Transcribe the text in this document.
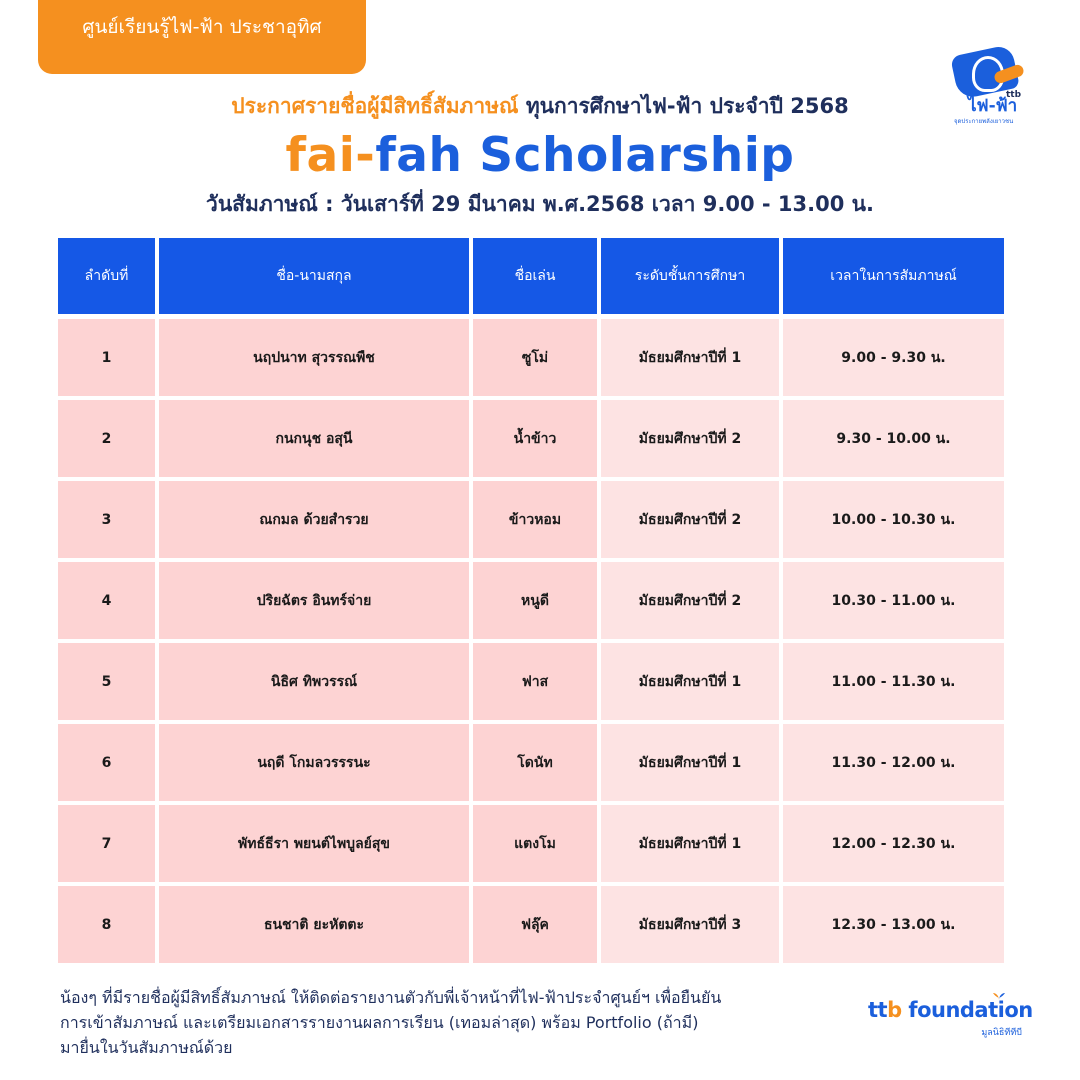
ศูนย์เรียนรู้ไฟ-ฟ้า ประชาอุทิศ
ไฟ-ฟ้า
ttb
จุดประกายพลังเยาวชน
ประกาศรายชื่อผู้มีสิทธิ์สัมภาษณ์ ทุนการศึกษาไฟ-ฟ้า ประจำปี 2568
fai-fah Scholarship
วันสัมภาษณ์ : วันเสาร์ที่ 29 มีนาคม พ.ศ.2568 เวลา 9.00 - 13.00 น.
ลำดับที่	ชื่อ-นามสกุล	ชื่อเล่น	ระดับชั้นการศึกษา	เวลาในการสัมภาษณ์
1	นฤปนาท สุวรรณพืช	ซูโม่	มัธยมศึกษาปีที่ 1	9.00 - 9.30 น.
2	กนกนุช อสุนี	น้ำข้าว	มัธยมศึกษาปีที่ 2	9.30 - 10.00 น.
3	ณกมล ด้วยสำรวย	ข้าวหอม	มัธยมศึกษาปีที่ 2	10.00 - 10.30 น.
4	ปริยฉัตร อินทร์จ่าย	หนูดี	มัธยมศึกษาปีที่ 2	10.30 - 11.00 น.
5	นิธิศ ทิพวรรณ์	ฟาส	มัธยมศึกษาปีที่ 1	11.00 - 11.30 น.
6	นฤดี โกมลวรรรนะ	โดนัท	มัธยมศึกษาปีที่ 1	11.30 - 12.00 น.
7	พัทธ์ธีรา พยนต์ไพบูลย์สุข	แตงโม	มัธยมศึกษาปีที่ 1	12.00 - 12.30 น.
8	ธนชาติ ยะหัตตะ	ฟลุ๊ค	มัธยมศึกษาปีที่ 3	12.30 - 13.00 น.
น้องๆ ที่มีรายชื่อผู้มีสิทธิ์สัมภาษณ์ ให้ติดต่อรายงานตัวกับพี่เจ้าหน้าที่ไฟ-ฟ้าประจำศูนย์ฯ เพื่อยืนยัน
การเข้าสัมภาษณ์ และเตรียมเอกสารรายงานผลการเรียน (เทอมล่าสุด) พร้อม Portfolio (ถ้ามี)
มายื่นในวันสัมภาษณ์ด้วย
ttb foundation
มูลนิธิทีทีบี
